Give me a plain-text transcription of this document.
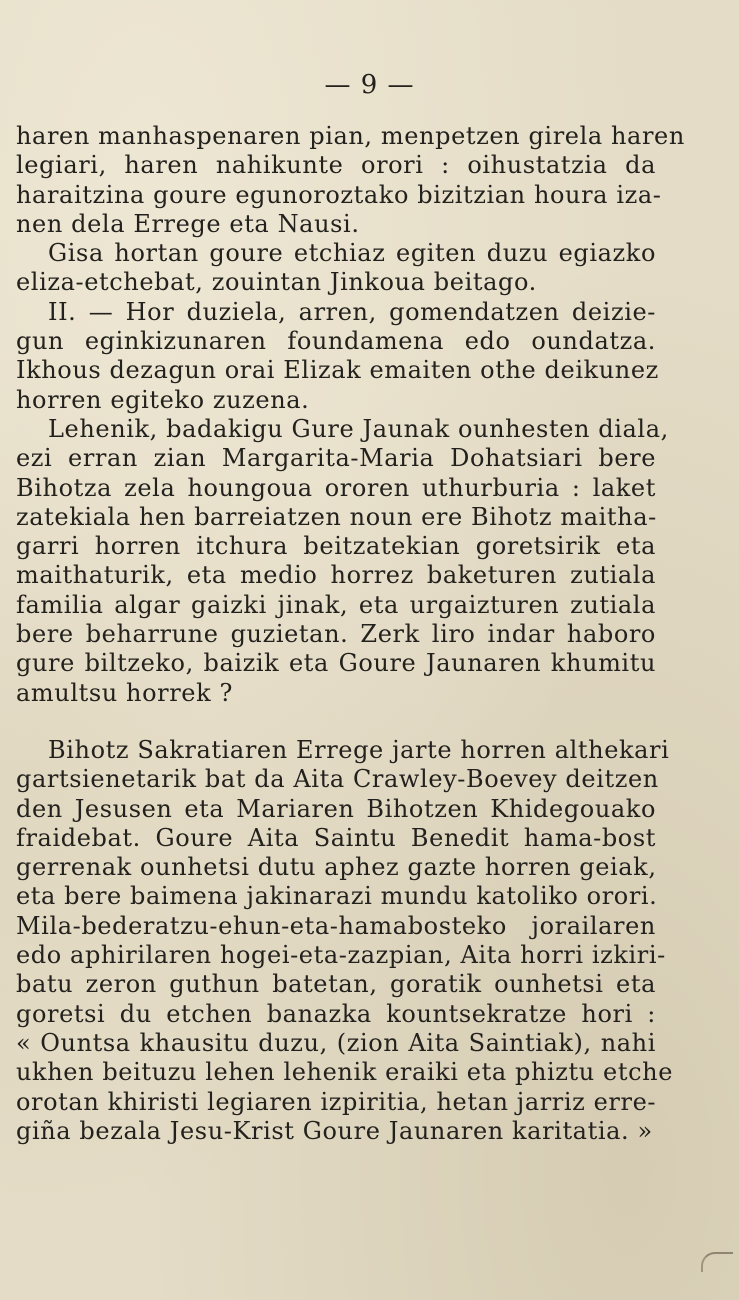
— 9 —
haren manhaspenaren pian, menpetzen girela haren
legiari, haren nahikunte orori : oihustatzia da
haraitzina goure egunoroztako bizitzian houra iza-
nen dela Errege eta Nausi.
Gisa hortan goure etchiaz egiten duzu egiazko
eliza-etchebat, zouintan Jinkoua beitago.
II. — Hor duziela, arren, gomendatzen deizie-
gun eginkizunaren foundamena edo oundatza.
Ikhous dezagun orai Elizak emaiten othe deikunez
horren egiteko zuzena.
Lehenik, badakigu Gure Jaunak ounhesten diala,
ezi erran zian Margarita-Maria Dohatsiari bere
Bihotza zela houngoua ororen uthurburia : laket
zatekiala hen barreiatzen noun ere Bihotz maitha-
garri horren itchura beitzatekian goretsirik eta
maithaturik, eta medio horrez baketuren zutiala
familia algar gaizki jinak, eta urgaizturen zutiala
bere beharrune guzietan. Zerk liro indar haboro
gure biltzeko, baizik eta Goure Jaunaren khumitu
amultsu horrek ?
Bihotz Sakratiaren Errege jarte horren althekari
gartsienetarik bat da Aita Crawley-Boevey deitzen
den Jesusen eta Mariaren Bihotzen Khidegouako
fraidebat. Goure Aita Saintu Benedit hama-bost
gerrenak ounhetsi dutu aphez gazte horren geiak,
eta bere baimena jakinarazi mundu katoliko orori.
Mila-bederatzu-ehun-eta-hamabosteko jorailaren
edo aphirilaren hogei-eta-zazpian, Aita horri izkiri-
batu zeron guthun batetan, goratik ounhetsi eta
goretsi du etchen banazka kountsekratze hori :
« Ountsa khausitu duzu, (zion Aita Saintiak), nahi
ukhen beituzu lehen lehenik eraiki eta phiztu etche
orotan khiristi legiaren izpiritia, hetan jarriz erre-
giña bezala Jesu-Krist Goure Jaunaren karitatia. »
